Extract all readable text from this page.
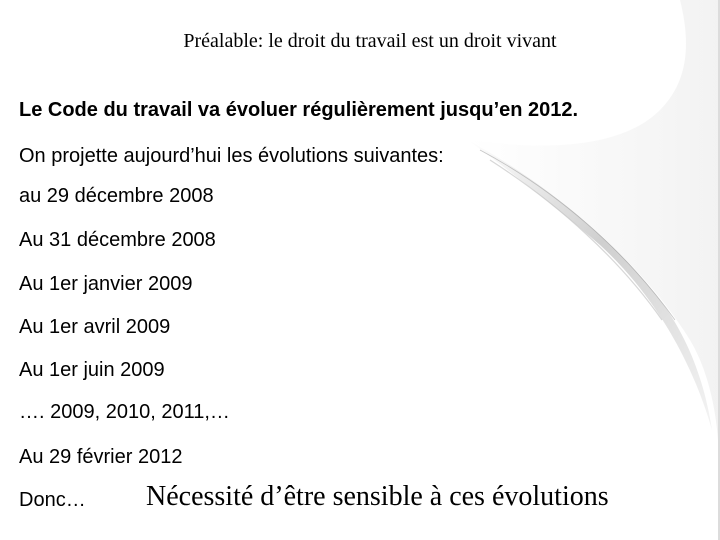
Préalable: le droit du travail est un droit vivant
Le Code du travail va évoluer régulièrement jusqu’en 2012.
On projette aujourd’hui les évolutions suivantes:
au 29 décembre 2008
Au 31 décembre 2008
Au 1er janvier 2009
Au 1er avril 2009
Au 1er juin 2009
…. 2009, 2010, 2011,…
Au 29 février 2012
Donc… Nécessité d’être sensible à ces évolutions
